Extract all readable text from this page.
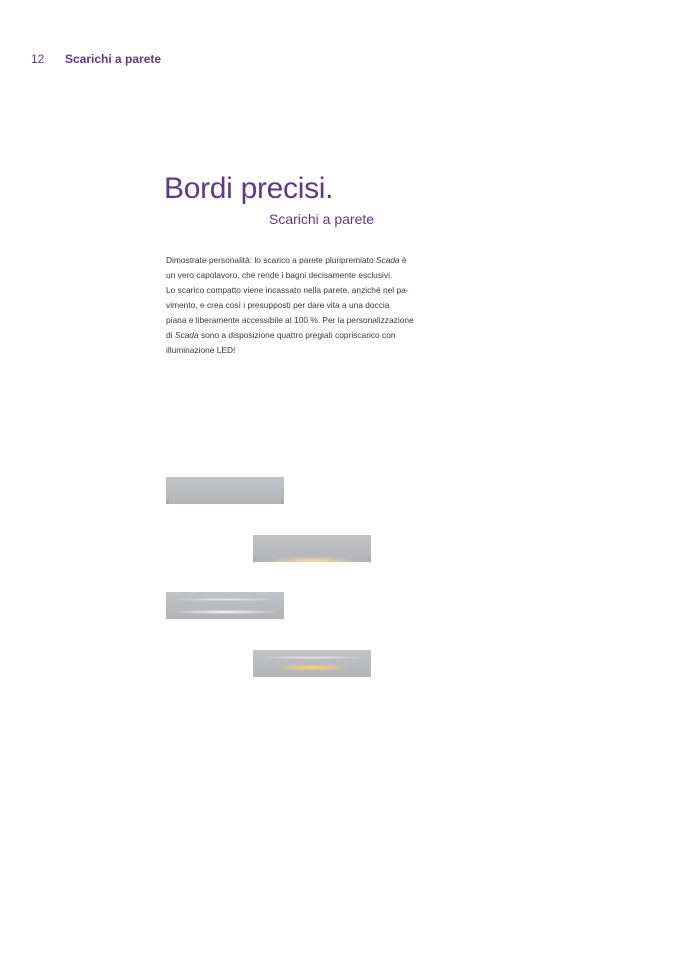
12 Scarichi a parete
Bordi precisi.
Scarichi a parete
Dimostrate personalità: lo scarico a parete pluripremiato Scada è
un vero capolavoro, che rende i bagni decisamente esclusivi.
Lo scarico compatto viene incassato nella parete, anziché nel pa-
vimento, e crea così i presupposti per dare vita a una doccia
piana e liberamente accessibile al 100 %. Per la personalizzazione
di Scada sono a disposizione quattro pregiati copriscarico con
illuminazione LED!
